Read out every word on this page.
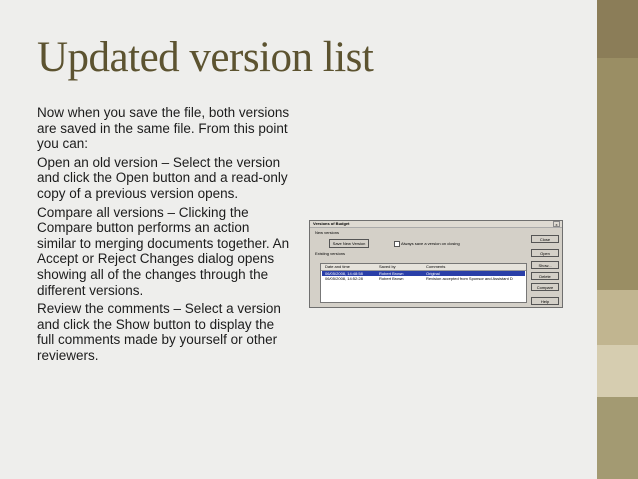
Updated version list

Now when you save the file, both versions are saved in the same file. From this point you can:

Open an old version – Select the version and click the Open button and a read-only copy of a previous version opens.

Compare all versions – Clicking the Compare button performs an action similar to merging documents together. An Accept or Reject Changes dialog opens showing all of the changes through the different versions.

Review the comments – Select a version and click the Show button to display the full comments made by yourself or other reviewers.

Versions of Budget	x
New versions
Save New Version	Always save a version on closing
Existing versions
Date and time	Saved by	Comments
06/05/2008, 14:48:58	Robert Brown	Original
06/05/2008, 14:52:28	Robert Brown	Revision accepted from Sponsor and Assistant D
Close
Open
Show...
Delete
Compare
Help
